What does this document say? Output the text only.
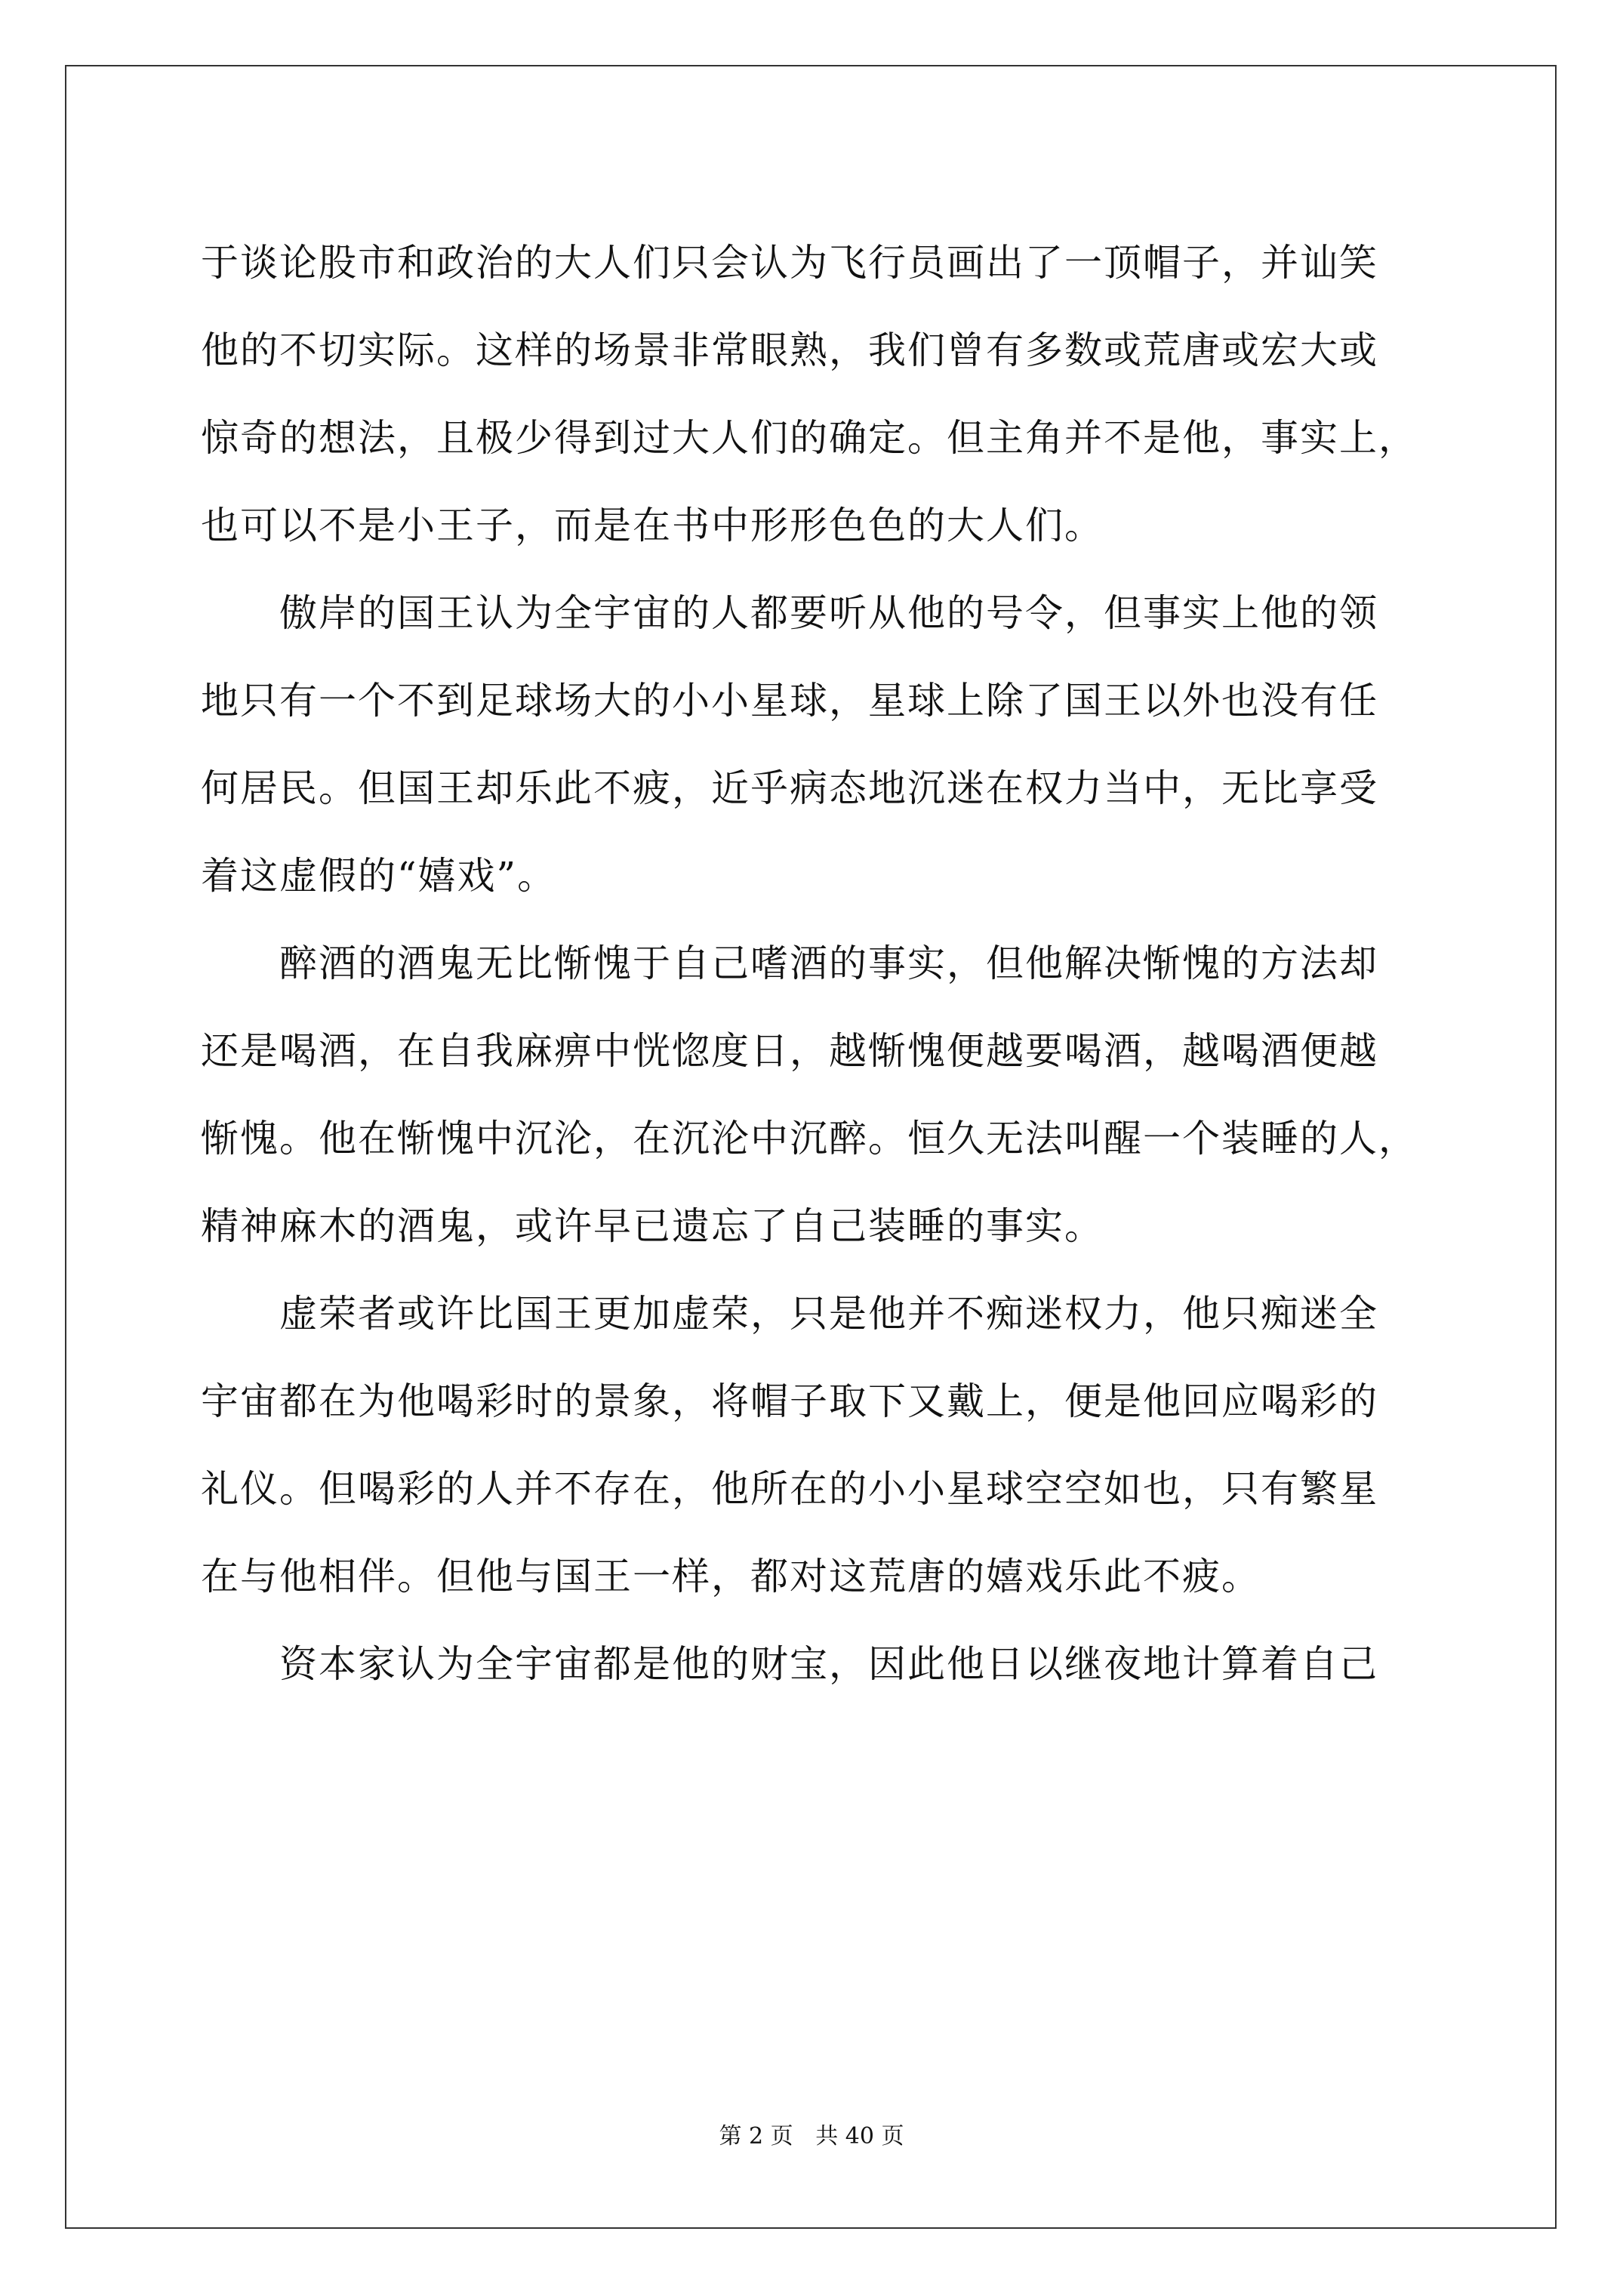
于谈论股市和政治的大人们只会认为飞行员画出了一顶帽子，并讪笑
他的不切实际。这样的场景非常眼熟，我们曾有多数或荒唐或宏大或
惊奇的想法，且极少得到过大人们的确定。但主角并不是他，事实上，
也可以不是小王子，而是在书中形形色色的大人们。
傲岸的国王认为全宇宙的人都要听从他的号令，但事实上他的领
地只有一个不到足球场大的小小星球，星球上除了国王以外也没有任
何居民。但国王却乐此不疲，近乎病态地沉迷在权力当中，无比享受
着这虚假的“嬉戏”。
醉酒的酒鬼无比惭愧于自己嗜酒的事实，但他解决惭愧的方法却
还是喝酒，在自我麻痹中恍惚度日，越惭愧便越要喝酒，越喝酒便越
惭愧。他在惭愧中沉沦，在沉沦中沉醉。恒久无法叫醒一个装睡的人，
精神麻木的酒鬼，或许早已遗忘了自己装睡的事实。
虚荣者或许比国王更加虚荣，只是他并不痴迷权力，他只痴迷全
宇宙都在为他喝彩时的景象，将帽子取下又戴上，便是他回应喝彩的
礼仪。但喝彩的人并不存在，他所在的小小星球空空如也，只有繁星
在与他相伴。但他与国王一样，都对这荒唐的嬉戏乐此不疲。
资本家认为全宇宙都是他的财宝，因此他日以继夜地计算着自己
第 2 页 共 40 页
